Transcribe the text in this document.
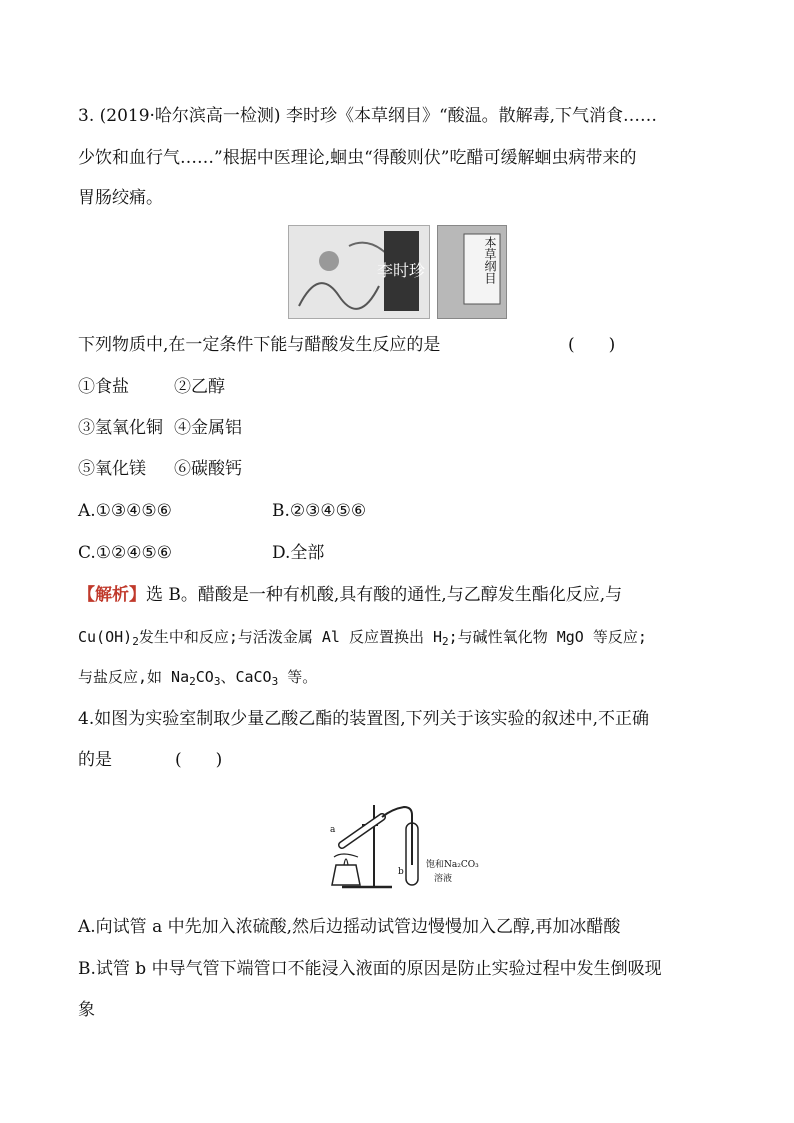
3. (2019·哈尔滨高一检测) 李时珍《本草纲目》“酸温。散解毒,下气消食……
少饮和血行气……”根据中医理论,蛔虫“得酸则伏”吃醋可缓解蛔虫病带来的
胃肠绞痛。
李时珍	本草纲目
下列物质中,在一定条件下能与醋酸发生反应的是	(　　)
①食盐	②乙醇
③氢氧化铜 ④金属铝
⑤氧化镁 ⑥碳酸钙
A.①③④⑤⑥	B.②③④⑤⑥
C.①②④⑤⑥	D.全部
【解析】选 B。醋酸是一种有机酸,具有酸的通性,与乙醇发生酯化反应,与
$Cu(OH)_2$发生中和反应;与活泼金属 Al 反应置换出 $H_2$;与碱性氧化物 MgO 等反应;
与盐反应,如 $Na_2CO_3$、CaCO$_3$ 等。
4.如图为实验室制取少量乙酸乙酯的装置图,下列关于该实验的叙述中,不正确
的是	(　　)
a
b
饱和Na₂CO₃
溶液
A.向试管 a 中先加入浓硫酸,然后边摇动试管边慢慢加入乙醇,再加冰醋酸
B.试管 b 中导气管下端管口不能浸入液面的原因是防止实验过程中发生倒吸现
象
